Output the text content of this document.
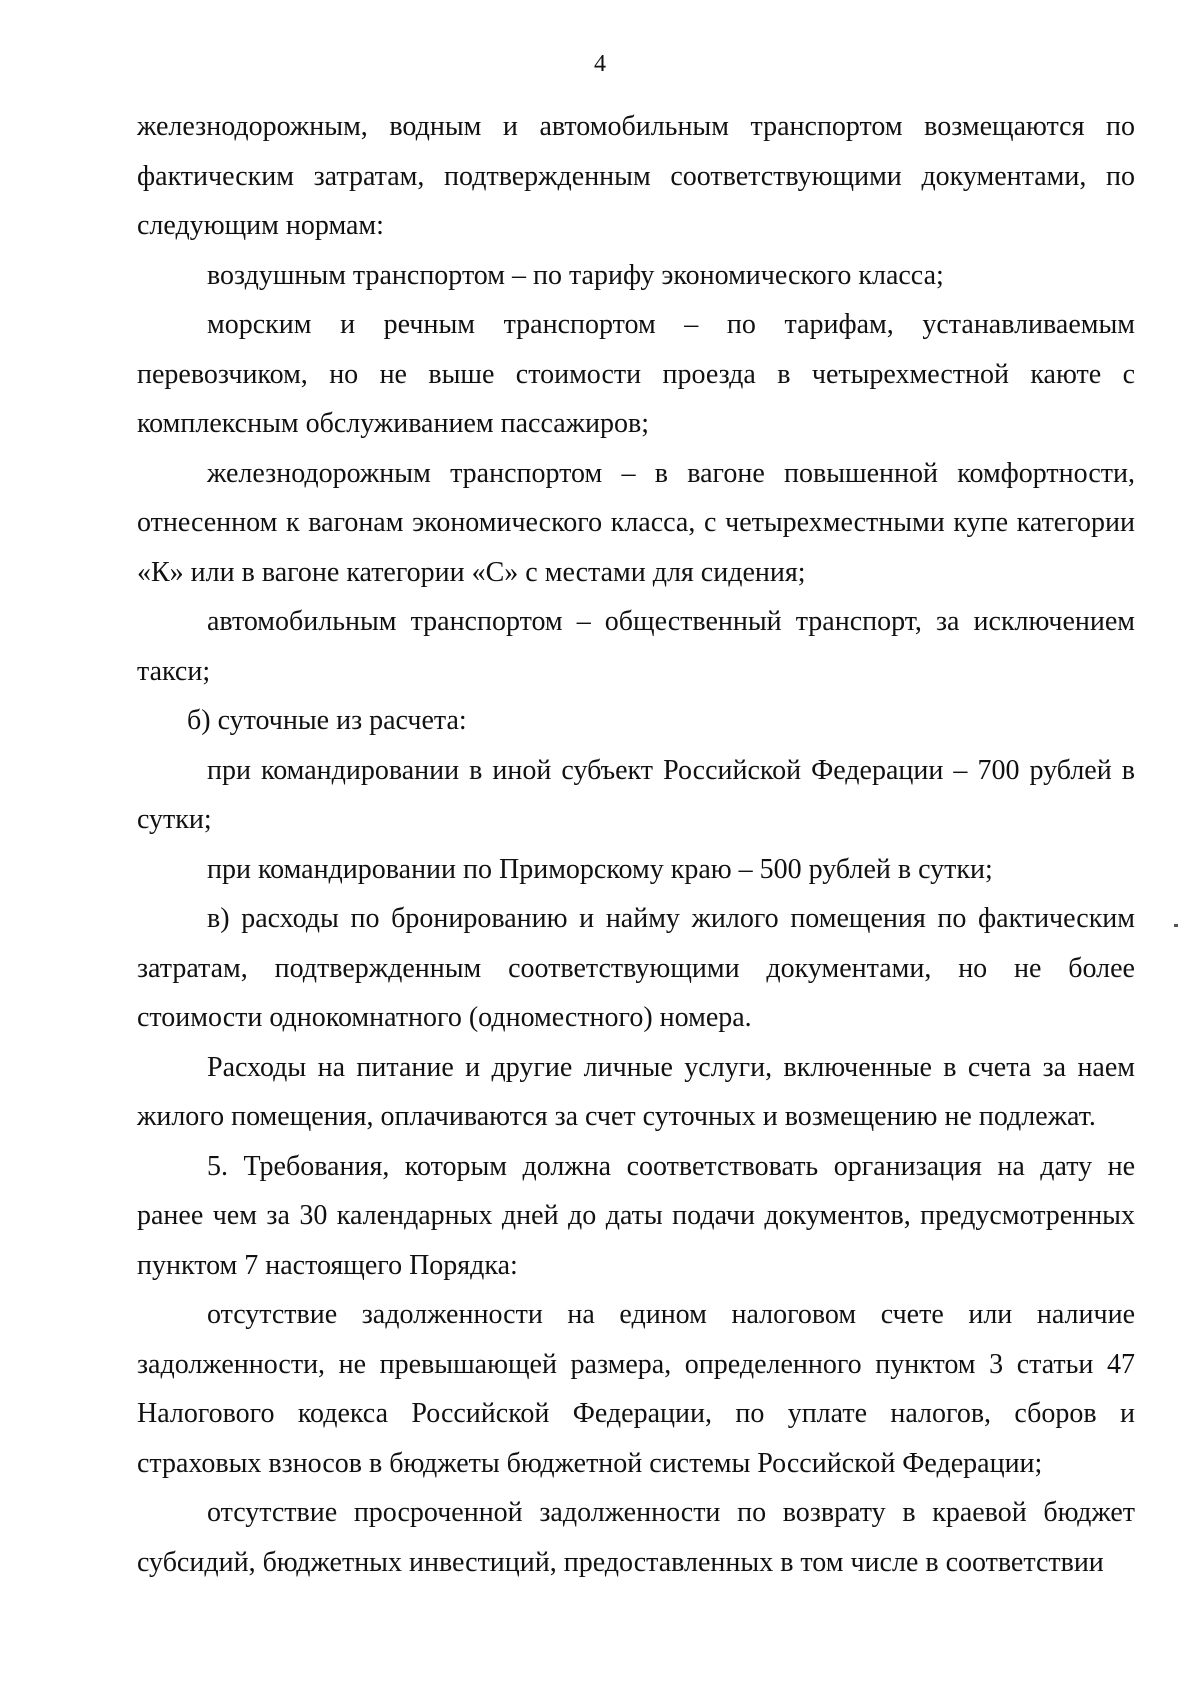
4

железнодорожным, водным и автомобильным транспортом возмещаются по фактическим затратам, подтвержденным соответствующими документами, по следующим нормам:

воздушным транспортом – по тарифу экономического класса;

морским и речным транспортом – по тарифам, устанавливаемым перевозчиком, но не выше стоимости проезда в четырехместной каюте с комплексным обслуживанием пассажиров;

железнодорожным транспортом – в вагоне повышенной комфортности, отнесенном к вагонам экономического класса, с четырехместными купе категории «К» или в вагоне категории «С» с местами для сидения;

автомобильным транспортом – общественный транспорт, за исключением такси;

б) суточные из расчета:

при командировании в иной субъект Российской Федерации – 700 рублей в сутки;

при командировании по Приморскому краю – 500 рублей в сутки;

в) расходы по бронированию и найму жилого помещения по фактическим затратам, подтвержденным соответствующими документами, но не более стоимости однокомнатного (одноместного) номера.

Расходы на питание и другие личные услуги, включенные в счета за наем жилого помещения, оплачиваются за счет суточных и возмещению не подлежат.

5. Требования, которым должна соответствовать организация на дату не ранее чем за 30 календарных дней до даты подачи документов, предусмотренных пунктом 7 настоящего Порядка:

отсутствие задолженности на едином налоговом счете или наличие задолженности, не превышающей размера, определенного пунктом 3 статьи 47 Налогового кодекса Российской Федерации, по уплате налогов, сборов и страховых взносов в бюджеты бюджетной системы Российской Федерации;

отсутствие просроченной задолженности по возврату в краевой бюджет субсидий, бюджетных инвестиций, предоставленных в том числе в соответствии
